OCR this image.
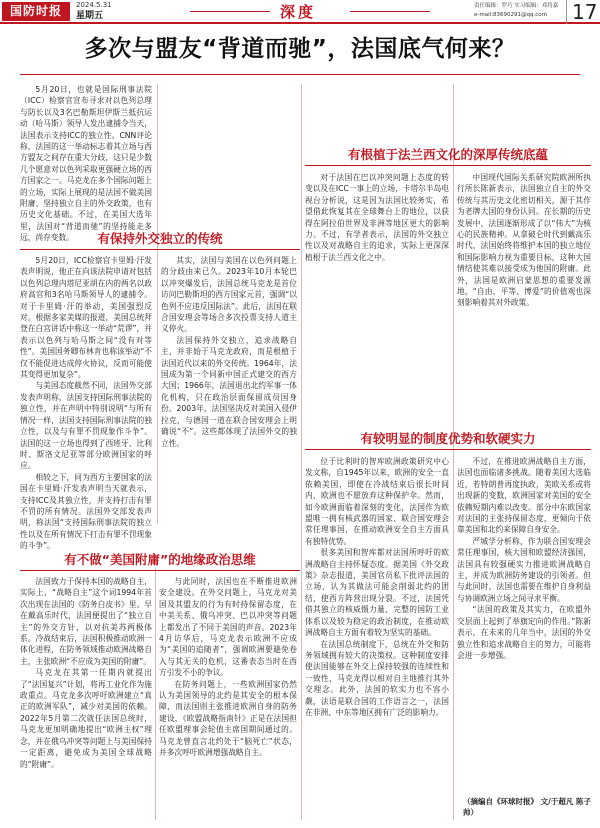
国防时报	2024.5.31
星期五	深度	责任编辑：罗巧 实习编辑：邓将嘉
e-mail:83690291@qq.com	17
多次与盟友“背道而驰”，法国底气何来？

5月20日，也就是国际刑事法院（ICC）检察官宣布寻求对以色列总理与防长以及3名巴勒斯坦伊斯兰抵抗运动（哈马斯）领导人发出逮捕令当天，法国表示支持ICC的独立性。CNN评论称，法国的这一举动标志着其立场与西方盟友之间存在重大分歧，这只是少数几个愿意对以色列采取更强硬立场的西方国家之一。马克龙在多个国际问题上的立场，实际上展现的是法国不做美国附庸、坚持独立自主的外交政策，也有历史文化基础。不过，在美国大选年里，法国对“背道而驰”的坚持能走多远，尚存变数。	有保持外交独立的传统

5月20日，ICC检察官卡里姆·汗发表声明说，他正在向该法院申请对包括以色列总理内塔尼亚胡在内的两名以政府高官和3名哈马斯领导人的逮捕令。对于卡里姆·汗的举动，美国强烈反对。根据多家美媒的报道，美国总统拜登在白宫讲话中称这一举动“荒谬”，并表示以色列与哈马斯之间“没有对等性”。美国国务卿布林肯也称该举动“不仅不能促进达成停火协议，反而可能使其变得更加复杂”。

与美国态度截然不同，法国外交部发表声明称，法国支持国际刑事法院的独立性，并在声明中特别说明“与所有情况一样，法国支持国际刑事法院的独立性，以及与有罪不罚现象作斗争”。法国的这一立场也得到了西班牙、比利时、斯洛文尼亚等部分欧洲国家的呼应。

相较之下，同为西方主要国家的法国在卡里姆·汗发表声明当天就表示，支持ICC及其独立性，并支持打击有罪不罚的所有情况。法国外交部发表声明，称法国“支持国际刑事法院的独立性以及在所有情况下打击有罪不罚现象的斗争”。

其实，法国与美国在以色列问题上的分歧由来已久。2023年10月本轮巴以冲突爆发后，法国总统马克龙是首位访问巴勒斯坦的西方国家元首，强调“以色列不应违反国际法”。此后，法国在联合国安理会等场合多次投票支持人道主义停火。

法国保持外交独立，追求战略自主，并非始于马克龙政府，而是根植于法国近代以来的外交传统。1964年，法国成为第一个同新中国正式建交的西方大国；1966年，法国退出北约军事一体化机构，只在政治层面保留成员国身份。2003年，法国坚决反对美国入侵伊拉克，与德国一道在联合国安理会上明确说“不”。这些都体现了法国外交的独立性。

有不做“美国附庸”的地缘政治思维

法国致力于保持本国的战略自主，实际上，“战略自主”这个词1994年首次出现在法国的《防务白皮书》里。早在戴高乐时代，法国便提出了“独立自主”的外交方针，以对抗美苏两极体系。冷战结束后，法国积极推动欧洲一体化进程，在防务领域推动欧洲战略自主，主张欧洲“不应成为美国的附庸”。

马克龙在其第一任期内就提出了“法国复兴”计划，将再工业化作为施政重点。马克龙多次呼吁欧洲建立“真正的欧洲军队”，减少对美国的依赖。2022年5月第二次就任法国总统时，马克龙更加明确地提出“欧洲主权”理念，并在俄乌冲突等问题上与美国保持一定距离，避免成为美国全球战略的“附庸”。

与此同时，法国也在不断推进欧洲安全建设。在外交问题上，马克龙对美国及其盟友的行为有时持保留态度，在中美关系、俄乌冲突、巴以冲突等问题上都发出了不同于美国的声音。2023年4月访华后，马克龙表示欧洲不应成为“美国的追随者”，强调欧洲要避免卷入与其无关的危机，这番表态当时在西方引发不小的争议。

在防务问题上，一些欧洲国家仍然认为美国领导的北约是其安全的根本保障，而法国则主张推进欧洲自身的防务建设，《欧盟战略指南针》正是在法国担任欧盟理事会轮值主席国期间通过的。马克龙曾直言北约处于“脑死亡”状态，并多次呼吁欧洲增强战略自主。

有根植于法兰西文化的深厚传统底蕴

对于法国在巴以冲突问题上态度的转变以及在ICC一事上的立场，卡塔尔半岛电视台分析说，这是因为法国比较务实，希望借此恢复其在全球舞台上的地位，以获得在阿拉伯世界及非洲等地区更大的影响力。不过，有学者表示，法国的外交独立性以及对战略自主的追求，实际上更深深植根于法兰西文化之中。

中国现代国际关系研究院欧洲所执行所长陈新表示，法国独立自主的外交传统与其历史文化密切相关，源于其作为老牌大国的身份认同。在长期的历史发展中，法国逐渐形成了以“伟大”为核心的民族精神。从拿破仑时代到戴高乐时代，法国始终将维护本国的独立地位和国际影响力视为重要目标，这种大国情结使其难以接受成为他国的附庸。此外，法国是欧洲启蒙思想的重要发源地，“自由、平等、博爱”的价值观也深刻影响着其对外政策。

有较明显的制度优势和软硬实力

位于比利时的智库欧洲政策研究中心发文称，自1945年以来，欧洲的安全一直依赖美国，即使在冷战结束后很长时间内，欧洲也不愿放弃这种保护伞。然而，如今欧洲面临着深刻的变化，法国作为欧盟唯一拥有核武器的国家、联合国安理会常任理事国，在推动欧洲安全自主方面具有独特优势。

很多美国和智库都对法国所呼吁的欧洲战略自主持怀疑态度。据美国《外交政策》杂志报道，美国官员私下批评法国的立场，认为其做法可能会削弱北约的团结，使西方阵营出现分裂。不过，法国凭借其独立的核威慑力量、完整的国防工业体系以及较为稳定的政治制度，在推动欧洲战略自主方面有着较为坚实的基础。

在法国总统制度下，总统在外交和防务领域拥有较大的决策权。这种制度安排使法国能够在外交上保持较强的连续性和一致性，马克龙得以相对自主地推行其外交理念。此外，法国的软实力也不容小觑，法语是联合国的工作语言之一，法国在非洲、中东等地区拥有广泛的影响力。

不过，在推进欧洲战略自主方面，法国也面临诸多挑战。随着美国大选临近，若特朗普再度执政，美欧关系或将出现新的变数，欧洲国家对美国的安全依赖短期内难以改变。部分中东欧国家对法国的主张持保留态度，更倾向于依靠美国和北约来保障自身安全。

严城学分析称，作为联合国安理会常任理事国，核大国和欧盟经济强国，法国具有较强硬实力推进欧洲战略自主，并成为欧洲防务建设的引领者。但与此同时，法国也需要在维护自身利益与协调欧洲立场之间寻求平衡。

“法国的政策及其实力，在欧盟外交层面上起到了举旗定向的作用。”陈新表示，在未来的几年当中，法国的外交独立性和追求战略自主的努力，可能将会进一步增强。

（摘编自《环球时报》 文/于超凡 陈子帅）
